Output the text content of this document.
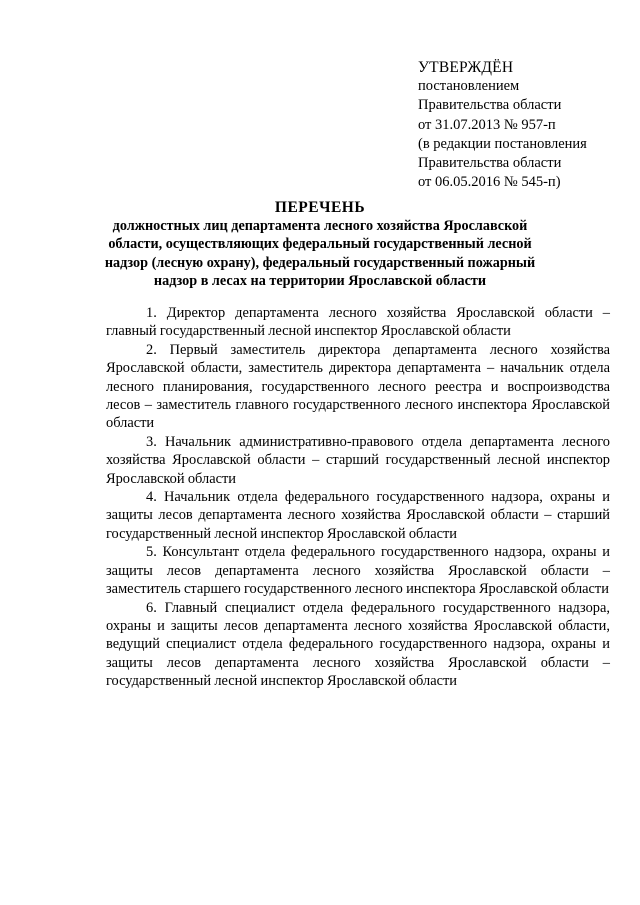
УТВЕРЖДЁН
постановлением
Правительства области
от 31.07.2013 № 957-п
(в редакции постановления
Правительства области
от 06.05.2016 № 545-п)
ПЕРЕЧЕНЬ
должностных лиц департамента лесного хозяйства Ярославской области, осуществляющих федеральный государственный лесной надзор (лесную охрану), федеральный государственный пожарный надзор в лесах на территории Ярославской области

1. Директор департамента лесного хозяйства Ярославской области – главный государственный лесной инспектор Ярославской области

2. Первый заместитель директора департамента лесного хозяйства Ярославской области, заместитель директора департамента – начальник отдела лесного планирования, государственного лесного реестра и воспроизводства лесов – заместитель главного государственного лесного инспектора Ярославской области

3. Начальник административно-правового отдела департамента лесного хозяйства Ярославской области – старший государственный лесной инспектор Ярославской области

4. Начальник отдела федерального государственного надзора, охраны и защиты лесов департамента лесного хозяйства Ярославской области – старший государственный лесной инспектор Ярославской области

5. Консультант отдела федерального государственного надзора, охраны и защиты лесов департамента лесного хозяйства Ярославской области – заместитель старшего государственного лесного инспектора Ярославской области

6. Главный специалист отдела федерального государственного надзора, охраны и защиты лесов департамента лесного хозяйства Ярославской области, ведущий специалист отдела федерального государственного надзора, охраны и защиты лесов департамента лесного хозяйства Ярославской области – государственный лесной инспектор Ярославской области
